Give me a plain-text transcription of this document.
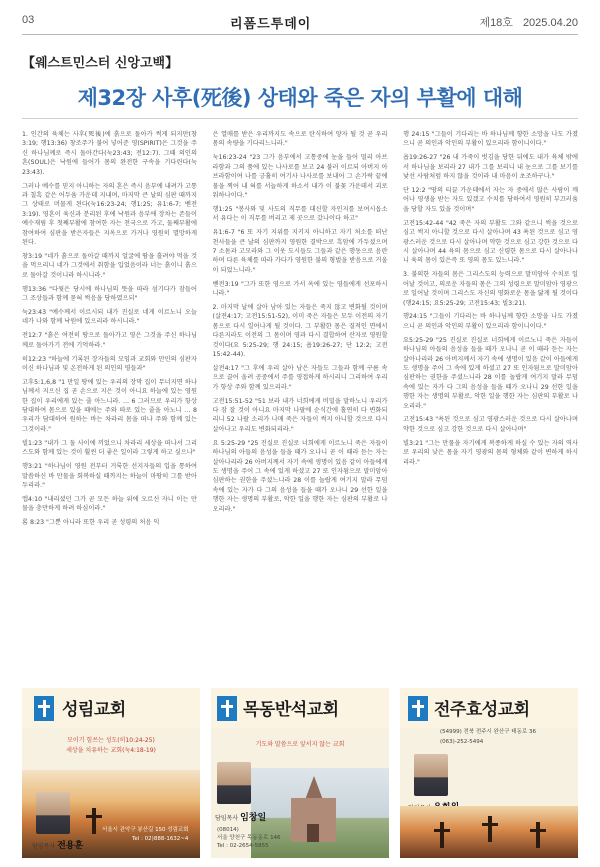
03	리폼드투데이	제18호 2025.04.20
【웨스트민스터 신앙고백】
제32장 사후(死後) 상태와 죽은 자의 부활에 대해

1. 인간의 육체는 사후(死後)에 흙으로 돌아가 썩게 되지만(창3:19; 행13:36) 창조주가 불어 넣어준 영(SPIRIT)은 그것을 주신 하나님께로 즉시 돌아간다(눅23:43; 전12:7). 그때 의인의 혼(SOUL)은 낙원에 들어가 몸의 완전한 구속을 기다린다(눅 23:43).

그러나 예수를 믿지 아니하는 자의 혼은 즉시 음부에 내려가 고통과 칠흑 같은 어두움 가운데 지내며, 마지막 큰 날의 심판 때까지 그 상태로 머물게 된다(눅16:23-24; 행1:25; 유1:6-7; 벧전3:19). 영혼이 육신과 분리된 후에 낙원과 음부에 장차는 존들이 예수재림 후 첫째부활에 참여한 자는 천국으로 가고, 둘째부활에 참여하여 심판을 받은자들은 지옥으로 가거나 영원히 멸망하게 된다.

창3:19 "네가 흙으로 돌아갈 때까지 얼굴에 땀을 흘려야 먹을 것을 먹으리니 네가 그것에서 취함을 입었음이라 너는 흙이니 흙으로 돌아갈 것이니라 하시니라."

행13:36 "다윗은 당시에 하나님의 뜻을 따라 섬기다가 잠들어 그 조상들과 함께 묻혀 썩음을 당하였으되"

눅23:43 "예수께서 이르시되 내가 진실로 네게 이르노니 오늘 네가 나와 함께 낙원에 있으리라 하시니라."

전12:7 "흙은 여전히 땅으로 돌아가고 영은 그것을 주신 하나님께로 돌아가기 전에 기억하라."

히12:23 "하늘에 기록된 장자들의 모임과 교회와 만민의 심판자이신 하나님과 및 온전하게 된 의인의 영들과"

고후5:1,6,8 "1 만일 땅에 있는 우리의 장막 집이 무너지면 하나님께서 지으신 집 곧 손으로 지은 것이 아니요 하늘에 있는 영원한 집이 우리에게 있는 줄 아느니라. … 6 그러므로 우리가 항상 담대하여 몸으로 있을 때에는 주와 따로 있는 줄을 아노니 … 8 우리가 담대하여 원하는 바는 차라리 몸을 떠나 주와 함께 있는 그것이라."

빌1:23 "내가 그 둘 사이에 끼었으니 차라리 세상을 떠나서 그리스도와 함께 있는 것이 훨씬 더 좋은 일이라 그렇게 하고 싶으나"

행3:21 "하나님이 영원 전부터 거룩한 선지자들의 입을 통하여 말씀하신 바 만물을 회복하실 때까지는 하늘이 마땅히 그를 받아 두리라."

엡4:10 "내리셨던 그가 곧 모든 하늘 위에 오르신 자니 이는 만물을 충만하게 하려 하심이라."

롬 8:23 "그뿐 아니라 또한 우리 곧 성령의 처음 익

은 열매를 받은 우리까지도 속으로 탄식하여 양자 될 것 곧 우리 몸의 속량을 기다리느니라."

눅16:23-24 "23 그가 음부에서 고통중에 눈을 들어 멀리 아브라함과 그의 품에 있는 나사로를 보고 24 불러 이르되 아버지 아브라함이여 나를 긍휼히 여기사 나사로를 보내어 그 손가락 끝에 물을 찍어 내 혀를 서늘하게 하소서 내가 이 불꽃 가운데서 괴로워하나이다."

행1:25 "봉사와 및 사도의 직무를 대신할 자인지를 보여시옵소서 유다는 이 직무를 버리고 제 곳으로 갔나이다 하고"

유1:6-7 "6 또 자기 지위를 지키지 아니하고 자기 처소를 떠난 천사들을 큰 날의 심판까지 영원한 결박으로 흑암에 가두셨으며 7 소돔과 고모라와 그 이웃 도시들도 그들과 같은 행동으로 음란하며 다른 육체를 따라 가다가 영원한 불의 형벌을 받음으로 거울이 되었느니라."

벧전3:19 "그가 또한 영으로 가서 옥에 있는 영들에게 선포하시니라."

2. 마지막 날에 살아 남아 있는 자들은 죽지 않고 변화될 것이며(살전4:17; 고전15:51-52), 이미 죽은 자들은 모두 이전의 자기 몸으로 다시 일어나게 될 것이다. 그 부활한 몸은 질적인 면에서 다른지라도 이전의 그 몸이며 영과 다시 결합하여 산자로 영원할 것이다(요 5:25-29; 행 24:15; 욥19:26-27; 단 12:2; 고전15:42-44).

살전4:17 "그 후에 우리 살아 남은 자들도 그들과 함께 구름 속으로 끌어 올려 공중에서 주를 영접하게 하시리니 그리하여 우리가 항상 주와 함께 있으리라."

고전15:51-52 "51 보라 내가 너희에게 비밀을 말하노니 우리가 다 잠 잘 것이 아니요 마지막 나팔에 순식간에 홀연히 다 변화되리니 52 나팔 소리가 나매 죽은 자들이 썩지 아니할 것으로 다시 살아나고 우리도 변화되리라."

요 5:25-29 "25 진실로 진실로 너희에게 이르노니 죽은 자들이 하나님의 아들의 음성을 들을 때가 오나니 곧 이 때라 듣는 자는 살아나리라 26 아버지께서 자기 속에 생명이 있음 같이 아들에게도 생명을 주어 그 속에 있게 하셨고 27 또 인자됨으로 말미암아 심판하는 권한을 주셨느니라 28 이를 놀랍게 여기지 말라 무덤 속에 있는 자가 다 그의 음성을 들을 때가 오나니 29 선한 일을 행한 자는 생명의 부활로, 악한 일을 행한 자는 심판의 부활로 나오리라."

행 24:15 "그들이 기다리는 바 하나님께 향한 소망을 나도 가졌으니 곧 의인과 악인의 부활이 있으리라 함이니이다."

욥19:26-27 "26 내 가죽이 벗김을 당한 뒤에도 내가 육체 밖에서 하나님을 보리라 27 내가 그를 보리니 내 눈으로 그를 보기를 낯선 사람처럼 하지 않을 것이라 내 마음이 초조하구나."

단 12:2 "땅의 티끌 가운데에서 자는 자 중에서 많은 사람이 깨어나 영생을 받는 자도 있겠고 수치를 당하여서 영원히 부끄러움을 당할 자도 있을 것이며"

고전15:42-44 "42 죽은 자의 부활도 그와 같으니 썩을 것으로 심고 썩지 아니할 것으로 다시 살아나며 43 욕된 것으로 심고 영광스러운 것으로 다시 살아나며 약한 것으로 심고 강한 것으로 다시 살아나며 44 육의 몸으로 심고 신령한 몸으로 다시 살아나나니 육의 몸이 있은즉 또 영의 몸도 있느니라."

3. 불의한 자들의 몸은 그리스도의 능력으로 말미암아 수치로 일어날 것이고, 의로운 자들의 몸은 그의 성령으로 말미암아 영광으로 일어날 것이며 그리스도 자신의 영화로운 몸을 닮게 될 것이다(행24:15; 요5:25-29; 고전15:43; 빌3:21).

행24:15 "그들이 기다리는 바 하나님께 향한 소망을 나도 가졌으니 곧 의인과 악인의 부활이 있으리라 함이니이다."

요5:25-29 "25 진실로 진실로 너희에게 이르노니 죽은 자들이 하나님의 아들의 음성을 들을 때가 오나니 곧 이 때라 듣는 자는 살아나리라 26 아버지께서 자기 속에 생명이 있음 같이 아들에게도 생명을 주어 그 속에 있게 하셨고 27 또 인자됨으로 말미암아 심판하는 권한을 주셨느니라 28 이를 놀랍게 여기지 말라 무덤 속에 있는 자가 다 그의 음성을 들을 때가 오나니 29 선한 일을 행한 자는 생명의 부활로, 악한 일을 행한 자는 심판의 부활로 나오리라."

고전15:43 "욕된 것으로 심고 영광스러운 것으로 다시 살아나며 약한 것으로 심고 강한 것으로 다시 살아나며"

빌3:21 "그는 만물을 자기에게 복종하게 하실 수 있는 자의 역사로 우리의 낮은 몸을 자기 영광의 몸의 형체와 같이 변하게 하시리라."

성림교회
모이기 힘쓰는 성도(히10:24-25)
세상을 치유하는 교회(눅4:18-19)
담임목사 전용훈
서울시 관악구 봉산길 150 성림교회
Tel : 02)888-1632~4
목동반석교회
기도와 말씀으로 앞서지 않는 교회
담임목사 임창일
(08014)
서울 양천구 목동동로 146
Tel : 02-2654-5855
전주효성교회
(54999) 전북 전주시 완산구 태동로 36
(063)-252-5494
